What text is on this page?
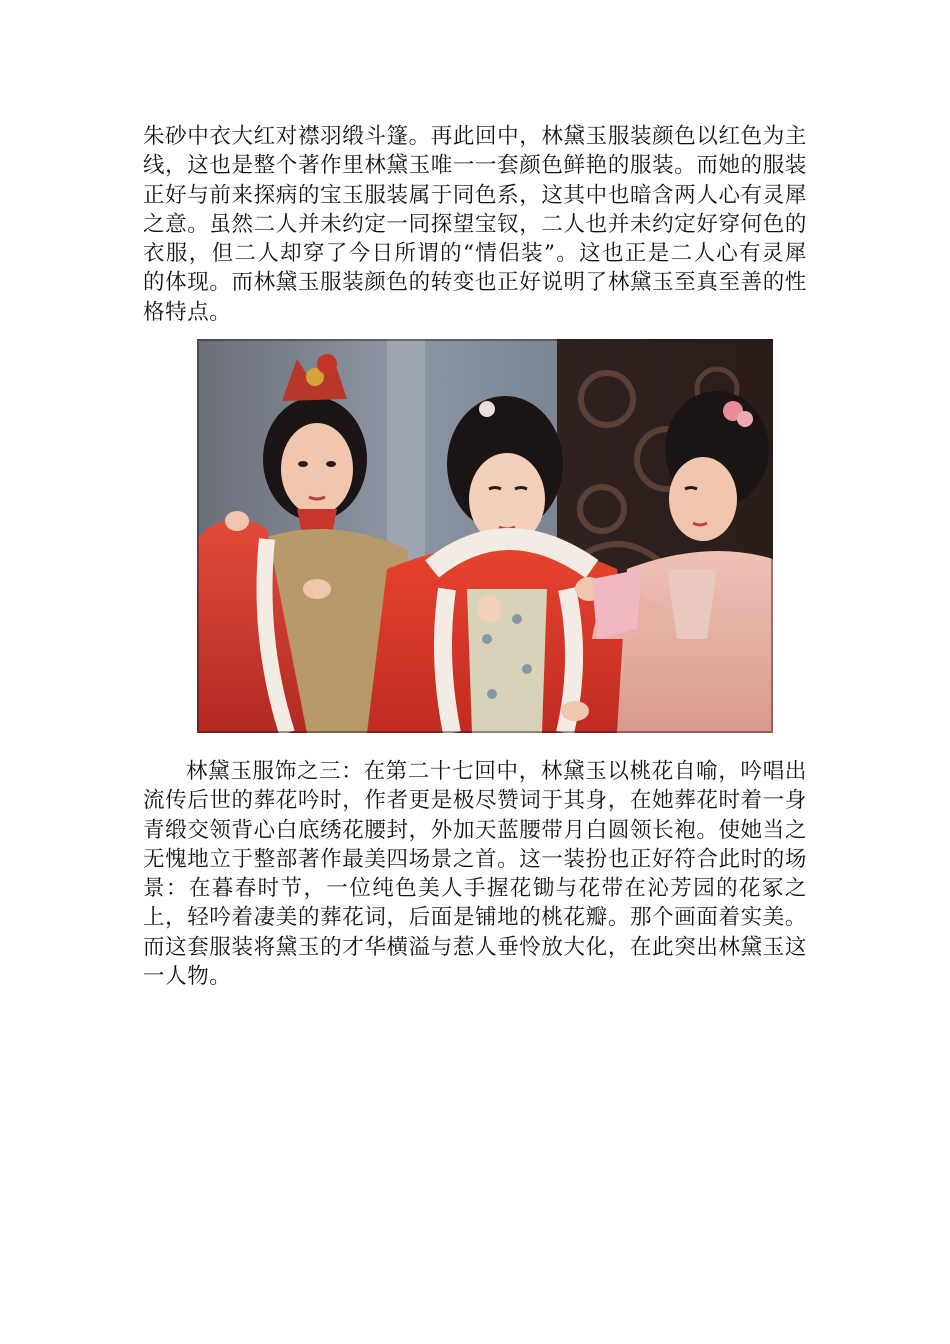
朱砂中衣大红对襟羽缎斗篷。再此回中，林黛玉服装颜色以红色为主线，这也是整个著作里林黛玉唯一一套颜色鲜艳的服装。而她的服装正好与前来探病的宝玉服装属于同色系，这其中也暗含两人心有灵犀之意。虽然二人并未约定一同探望宝钗，二人也并未约定好穿何色的衣服，但二人却穿了今日所谓的“情侣装”。这也正是二人心有灵犀的体现。而林黛玉服装颜色的转变也正好说明了林黛玉至真至善的性格特点。

林黛玉服饰之三：在第二十七回中，林黛玉以桃花自喻，吟唱出流传后世的葬花吟时，作者更是极尽赞词于其身，在她葬花时着一身青缎交领背心白底绣花腰封，外加天蓝腰带月白圆领长袍。使她当之无愧地立于整部著作最美四场景之首。这一装扮也正好符合此时的场景：在暮春时节，一位纯色美人手握花锄与花带在沁芳园的花冢之上，轻吟着凄美的葬花词，后面是铺地的桃花瓣。那个画面着实美。而这套服装将黛玉的才华横溢与惹人垂怜放大化，在此突出林黛玉这一人物。
